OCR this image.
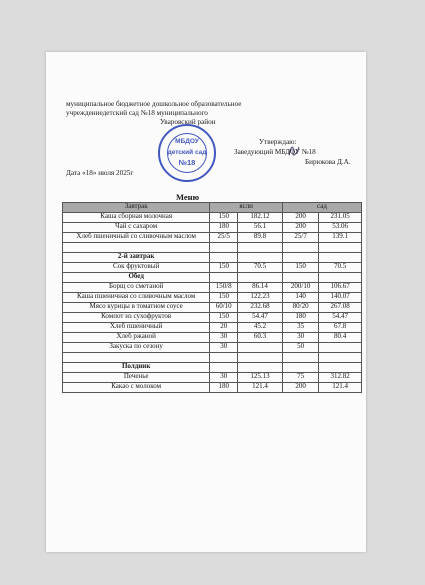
муниципальное бюджетное дошкольное образовательное
учреждениедетский сад №18 муниципального
Уваровский район
Утверждаю:
Заведующий МБДОУ №18
Бирюкова Д.А.
Дата «18» июля 2025г
МБДОУ
детский сад
№18
Меню
Завтрак	ясли		сад	
Каша сборная молочная	150	182.12	200	231.05
Чай с сахаром	180	56.1	200	53.06
Хлеб пшеничный со сливочным маслом	25/5	89.8	25/7	139.1

2-й завтрак				
Сок фруктовый	150	70.5	150	70.5
Обед				
Борщ со сметаной	150/8	86.14	200/10	106.67
Каша пшеничная со сливочным маслом	150	122.23	140	140.07
Мясо курицы в томатном соусе	60/10	232.68	80/20	267.08
Компот из сухофруктов	150	54.47	180	54.47
Хлеб пшеничный	20	45.2	35	67.8
Хлеб ржаной	30	60.3	30	80.4
Закуска по сезону	30		50	

Полдник				
Печенье	30	125.13	75	312.82
Какао с молоком	180	121.4	200	121.4
